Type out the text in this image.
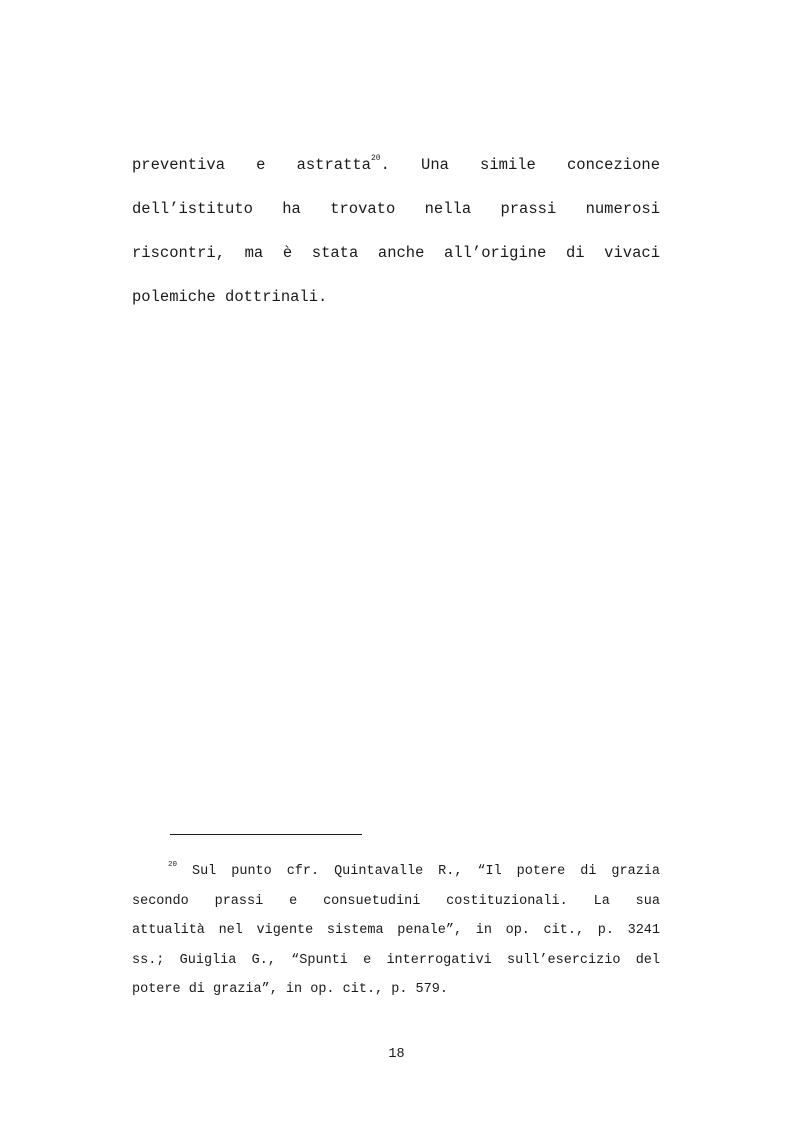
preventiva e astratta$^{20}$. Una simile concezione
dell’istituto ha trovato nella prassi numerosi
riscontri, ma è stata anche all’origine di vivaci
polemiche dottrinali.
$^{20}$ Sul punto cfr. Quintavalle R., “Il potere di grazia
secondo prassi e consuetudini costituzionali. La sua
attualità nel vigente sistema penale”, in op. cit., p. 3241
ss.; Guiglia G., “Spunti e interrogativi sull’esercizio del
potere di grazia”, in op. cit., p. 579.
18
